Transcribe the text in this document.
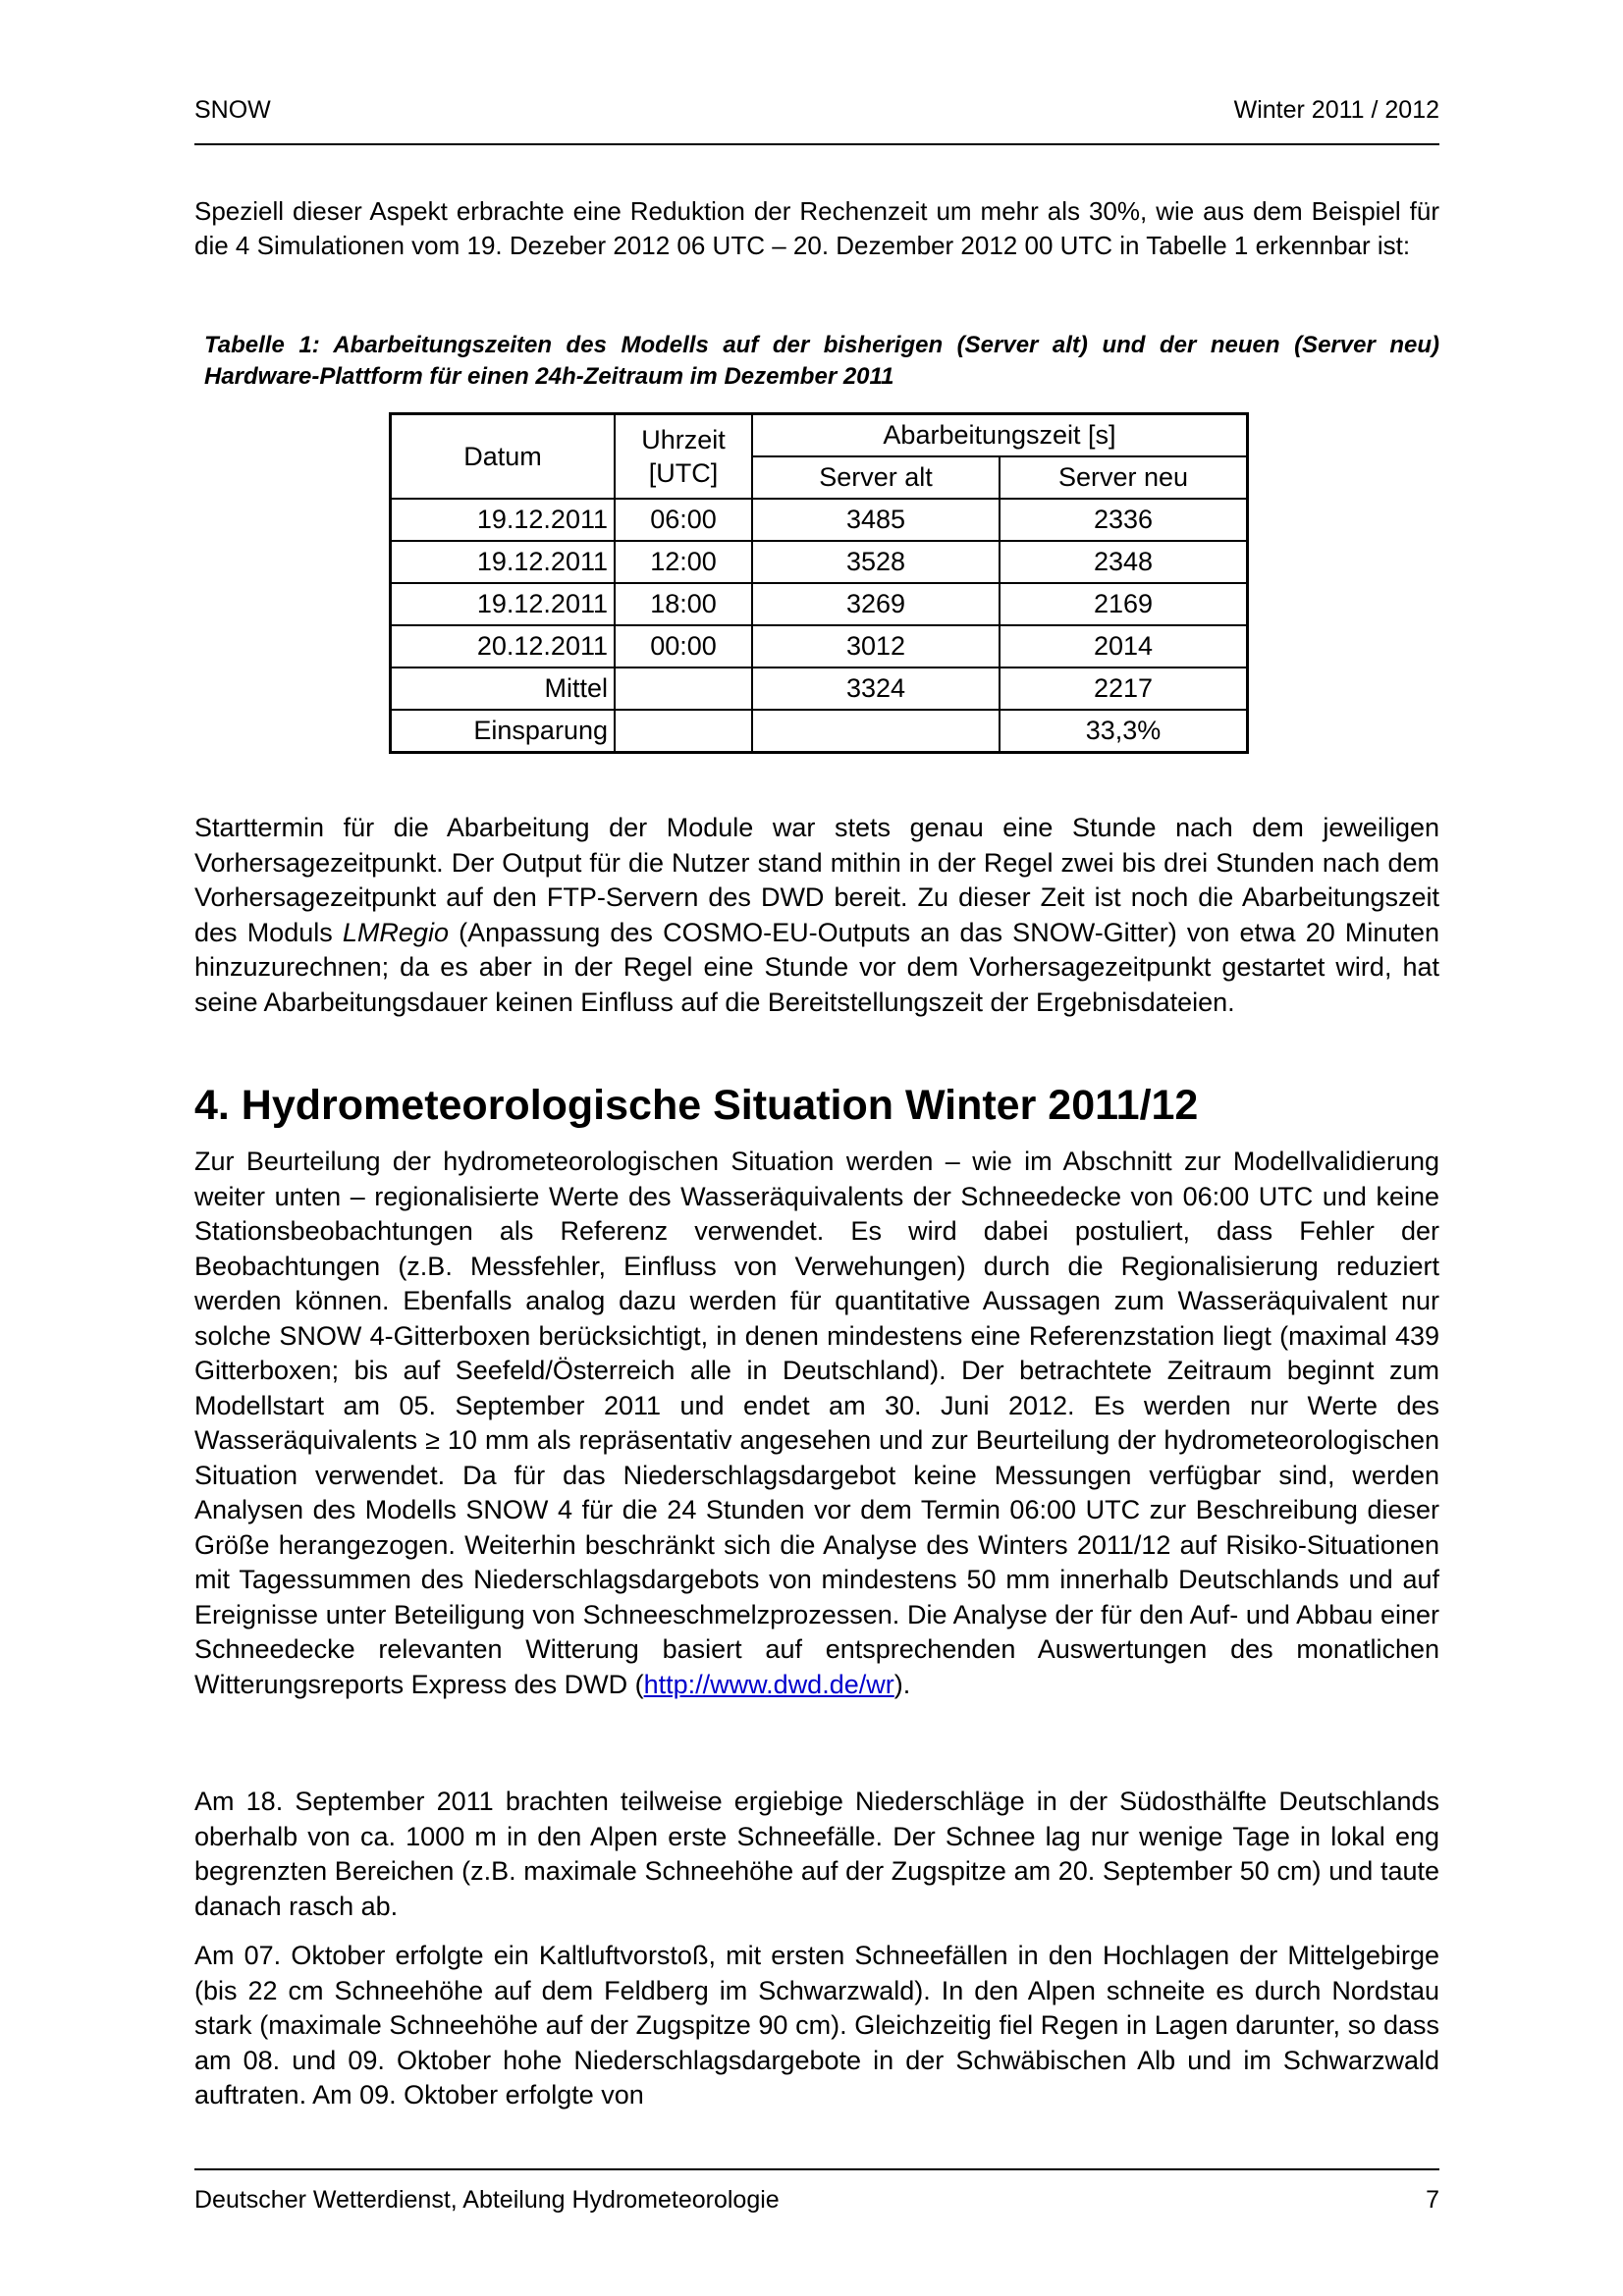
SNOW	Winter 2011 / 2012
Speziell dieser Aspekt erbrachte eine Reduktion der Rechenzeit um mehr als 30%, wie aus dem Beispiel für die 4 Simulationen vom 19. Dezeber 2012 06 UTC – 20. Dezember 2012 00 UTC in Tabelle 1 erkennbar ist:
Tabelle 1: Abarbeitungszeiten des Modells auf der bisherigen (Server alt) und der neuen (Server neu) Hardware-Plattform für einen 24h-Zeitraum im Dezember 2011
Datum	Uhrzeit [UTC]	Abarbeitungszeit [s]	
		Server alt	Server neu
19.12.2011	06:00	3485	2336
19.12.2011	12:00	3528	2348
19.12.2011	18:00	3269	2169
20.12.2011	00:00	3012	2014
Mittel		3324	2217
Einsparung			33,3%
Starttermin für die Abarbeitung der Module war stets genau eine Stunde nach dem jeweiligen Vorhersagezeitpunkt. Der Output für die Nutzer stand mithin in der Regel zwei bis drei Stunden nach dem Vorhersagezeitpunkt auf den FTP-Servern des DWD bereit. Zu dieser Zeit ist noch die Abarbeitungszeit des Moduls LMRegio (Anpassung des COSMO-EU-Outputs an das SNOW-Gitter) von etwa 20 Minuten hinzuzurechnen; da es aber in der Regel eine Stunde vor dem Vorhersagezeitpunkt gestartet wird, hat seine Abarbeitungsdauer keinen Einfluss auf die Bereitstellungszeit der Ergebnisdateien.
4. Hydrometeorologische Situation Winter 2011/12
Zur Beurteilung der hydrometeorologischen Situation werden – wie im Abschnitt zur Modellvalidierung weiter unten – regionalisierte Werte des Wasseräquivalents der Schneedecke von 06:00 UTC und keine Stationsbeobachtungen als Referenz verwendet. Es wird dabei postuliert, dass Fehler der Beobachtungen (z.B. Messfehler, Einfluss von Verwehungen) durch die Regionalisierung reduziert werden können. Ebenfalls analog dazu werden für quantitative Aussagen zum Wasseräquivalent nur solche SNOW 4-Gitterboxen berücksichtigt, in denen mindestens eine Referenzstation liegt (maximal 439 Gitterboxen; bis auf Seefeld/Österreich alle in Deutschland). Der betrachtete Zeitraum beginnt zum Modellstart am 05. September 2011 und endet am 30. Juni 2012. Es werden nur Werte des Wasseräquivalents ≥ 10 mm als repräsentativ angesehen und zur Beurteilung der hydrometeorologischen Situation verwendet. Da für das Niederschlagsdargebot keine Messungen verfügbar sind, werden Analysen des Modells SNOW 4 für die 24 Stunden vor dem Termin 06:00 UTC zur Beschreibung dieser Größe herangezogen. Weiterhin beschränkt sich die Analyse des Winters 2011/12 auf Risiko-Situationen mit Tagessummen des Niederschlagsdargebots von mindestens 50 mm innerhalb Deutschlands und auf Ereignisse unter Beteiligung von Schneeschmelzprozessen. Die Analyse der für den Auf- und Abbau einer Schneedecke relevanten Witterung basiert auf entsprechenden Auswertungen des monatlichen Witterungsreports Express des DWD (http://www.dwd.de/wr).
Am 18. September 2011 brachten teilweise ergiebige Niederschläge in der Südosthälfte Deutschlands oberhalb von ca. 1000 m in den Alpen erste Schneefälle. Der Schnee lag nur wenige Tage in lokal eng begrenzten Bereichen (z.B. maximale Schneehöhe auf der Zugspitze am 20. September 50 cm) und taute danach rasch ab.
Am 07. Oktober erfolgte ein Kaltluftvorstoß, mit ersten Schneefällen in den Hochlagen der Mittelgebirge (bis 22 cm Schneehöhe auf dem Feldberg im Schwarzwald). In den Alpen schneite es durch Nordstau stark (maximale Schneehöhe auf der Zugspitze 90 cm). Gleichzeitig fiel Regen in Lagen darunter, so dass am 08. und 09. Oktober hohe Niederschlagsdargebote in der Schwäbischen Alb und im Schwarzwald auftraten. Am 09. Oktober erfolgte von
Deutscher Wetterdienst, Abteilung Hydrometeorologie	7
